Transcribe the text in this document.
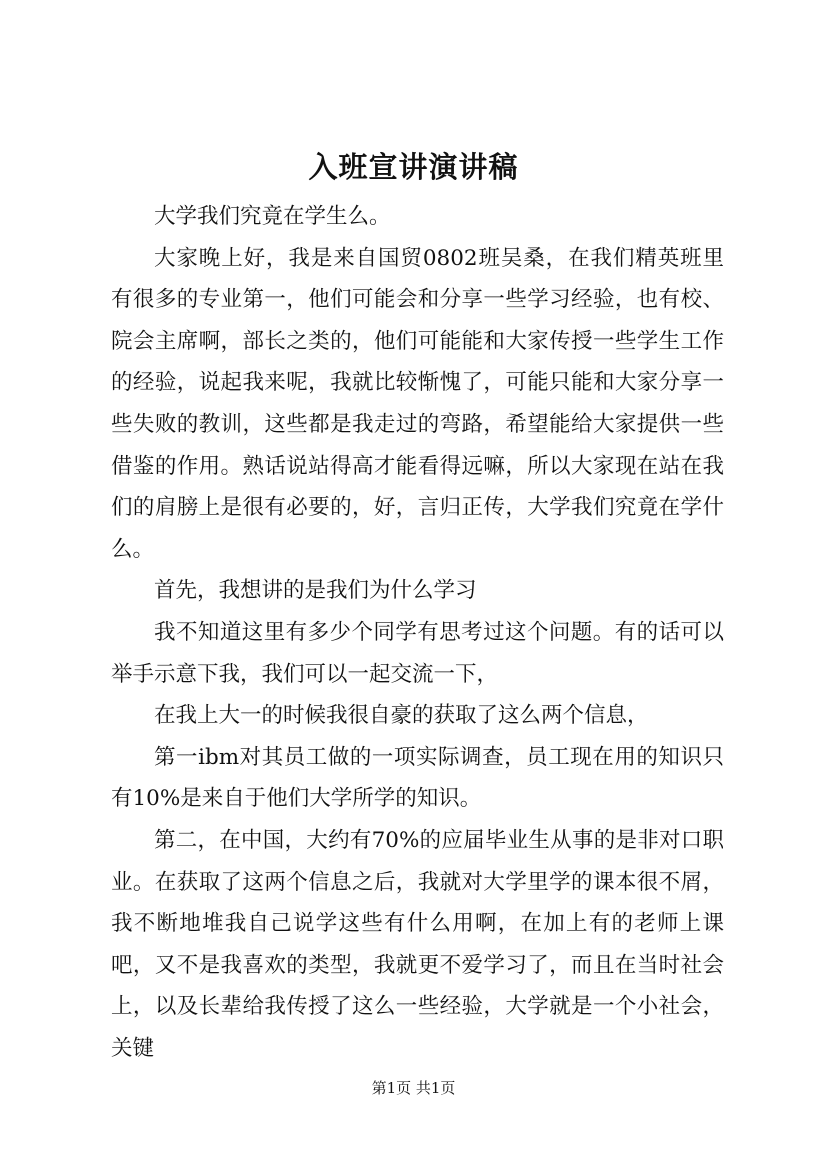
入班宣讲演讲稿

大学我们究竟在学生么。

大家晚上好，我是来自国贸0802班吴桑，在我们精英班里有很多的专业第一，他们可能会和分享一些学习经验，也有校、院会主席啊，部长之类的，他们可能能和大家传授一些学生工作的经验，说起我来呢，我就比较惭愧了，可能只能和大家分享一些失败的教训，这些都是我走过的弯路，希望能给大家提供一些借鉴的作用。熟话说站得高才能看得远嘛，所以大家现在站在我们的肩膀上是很有必要的，好，言归正传，大学我们究竟在学什么。

首先，我想讲的是我们为什么学习

我不知道这里有多少个同学有思考过这个问题。有的话可以举手示意下我，我们可以一起交流一下，

在我上大一的时候我很自豪的获取了这么两个信息，

第一ibm对其员工做的一项实际调查，员工现在用的知识只有10%是来自于他们大学所学的知识。

第二，在中国，大约有70%的应届毕业生从事的是非对口职业。在获取了这两个信息之后，我就对大学里学的课本很不屑，我不断地堆我自己说学这些有什么用啊，在加上有的老师上课吧，又不是我喜欢的类型，我就更不爱学习了，而且在当时社会上，以及长辈给我传授了这么一些经验，大学就是一个小社会，关键

第1页 共1页
